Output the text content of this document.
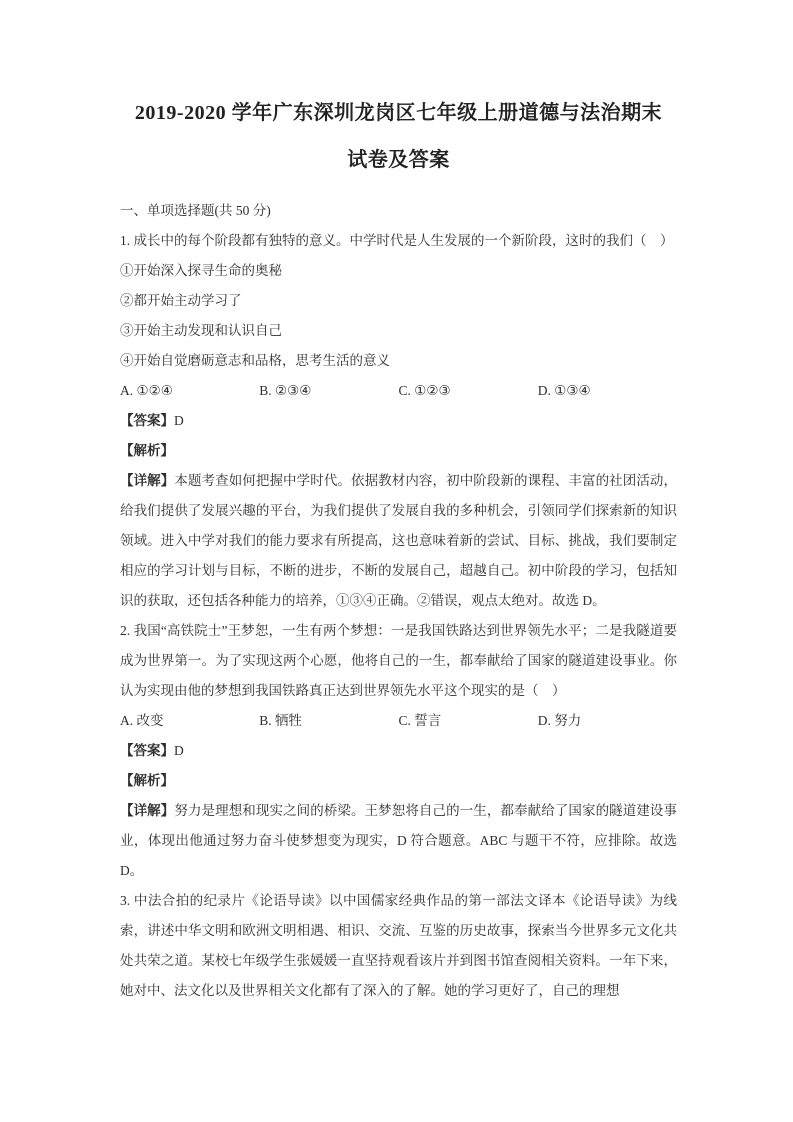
2019-2020 学年广东深圳龙岗区七年级上册道德与法治期末
试卷及答案
一、单项选择题(共 50 分)

1. 成长中的每个阶段都有独特的意义。中学时代是人生发展的一个新阶段，这时的我们（　）

①开始深入探寻生命的奥秘

②都开始主动学习了

③开始主动发现和认识自己

④开始自觉磨砺意志和品格，思考生活的意义

A. ①②④	B. ②③④	C. ①②③	D. ①③④

【答案】D

【解析】

【详解】本题考查如何把握中学时代。依据教材内容，初中阶段新的课程、丰富的社团活动，给我们提供了发展兴趣的平台，为我们提供了发展自我的多种机会，引领同学们探索新的知识领域。进入中学对我们的能力要求有所提高，这也意味着新的尝试、目标、挑战，我们要制定相应的学习计划与目标，不断的进步，不断的发展自己，超越自己。初中阶段的学习，包括知识的获取，还包括各种能力的培养，①③④正确。②错误，观点太绝对。故选 D。

2. 我国“高铁院士”王梦恕，一生有两个梦想：一是我国铁路达到世界领先水平；二是我隧道要成为世界第一。为了实现这两个心愿，他将自己的一生，都奉献给了国家的隧道建设事业。你认为实现由他的梦想到我国铁路真正达到世界领先水平这个现实的是（　）

A. 改变	B. 牺牲	C. 誓言	D. 努力

【答案】D

【解析】

【详解】努力是理想和现实之间的桥梁。王梦恕将自己的一生，都奉献给了国家的隧道建设事业，体现出他通过努力奋斗使梦想变为现实，D 符合题意。ABC 与题干不符，应排除。故选 D。

3. 中法合拍的纪录片《论语导读》以中国儒家经典作品的第一部法文译本《论语导读》为线索，讲述中华文明和欧洲文明相遇、相识、交流、互鉴的历史故事，探索当今世界多元文化共处共荣之道。某校七年级学生张媛媛一直坚持观看该片并到图书馆查阅相关资料。一年下来，她对中、法文化以及世界相关文化都有了深入的了解。她的学习更好了，自己的理想
